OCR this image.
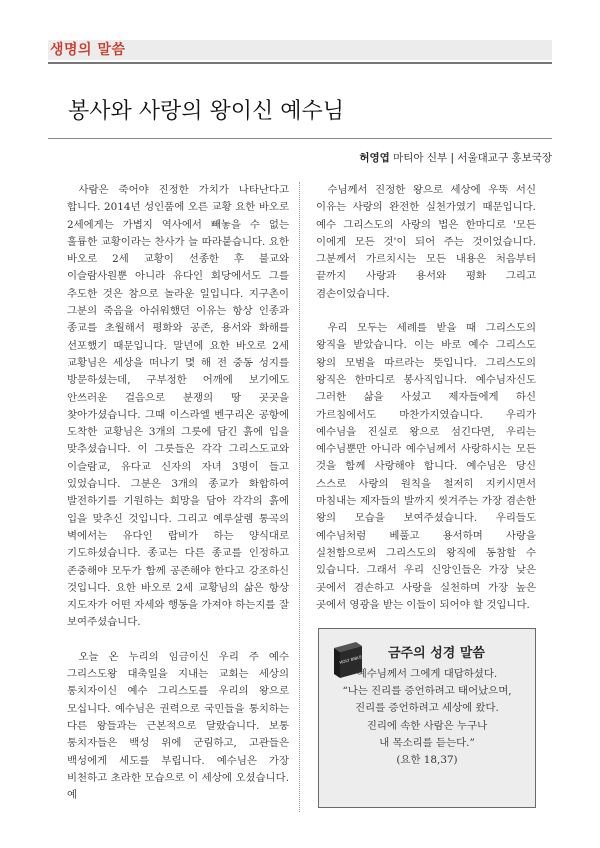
생명의 말씀
봉사와 사랑의 왕이신 예수님
허영엽 마티아 신부 | 서울대교구 홍보국장

사람은 죽어야 진정한 가치가 나타난다고 합니다. 2014년 성인품에 오른 교황 요한 바오로 2세에게는 가볍지 역사에서 빼놓을 수 없는 훌륭한 교황이라는 찬사가 늘 따라붙습니다. 요한 바오로 2세 교황이 선종한 후 불교와 이슬람사원뿐 아니라 유다인 회당에서도 그를 추도한 것은 참으로 놀라운 일입니다. 지구촌이 그분의 죽음을 아쉬워했던 이유는 항상 인종과 종교를 초월해서 평화와 공존, 용서와 화해를 선포했기 때문입니다. 말년에 요한 바오로 2세 교황님은 세상을 떠나기 몇 해 전 중동 성지를 방문하셨는데, 구부정한 어깨에 보기에도 안쓰러운 걸음으로 분쟁의 땅 곳곳을 찾아가셨습니다. 그때 이스라엘 벤구리온 공항에 도착한 교황님은 3개의 그릇에 담긴 흙에 입을 맞추셨습니다. 이 그릇들은 각각 그리스도교와 이슬람교, 유다교 신자의 자녀 3명이 들고 있었습니다. 그분은 3개의 종교가 화합하여 발전하기를 기원하는 희망을 담아 각각의 흙에 입을 맞추신 것입니다. 그리고 예루살렘 통곡의 벽에서는 유다인 랍비가 하는 양식대로 기도하셨습니다. 종교는 다른 종교를 인정하고 존중해야 모두가 함께 공존해야 한다고 강조하신 것입니다. 요한 바오로 2세 교황님의 삶은 항상 지도자가 어떤 자세와 행동을 가져야 하는지를 잘 보여주셨습니다.

오늘 온 누리의 임금이신 우리 주 예수 그리스도왕 대축일을 지내는 교회는 세상의 통치자이신 예수 그리스도를 우리의 왕으로 모십니다. 예수님은 권력으로 국민들을 통치하는 다른 왕들과는 근본적으로 달랐습니다. 보통 통치자들은 백성 위에 군림하고, 고관들은 백성에게 세도를 부립니다. 예수님은 가장 비천하고 초라한 모습으로 이 세상에 오셨습니다. 예

수님께서 진정한 왕으로 세상에 우뚝 서신 이유는 사랑의 완전한 실천가였기 때문입니다. 예수 그리스도의 사랑의 법은 한마디로 '모든 이에게 모든 것'이 되어 주는 것이었습니다. 그분께서 가르치시는 모든 내용은 처음부터 끝까지 사랑과 용서와 평화 그리고 겸손이었습니다.

우리 모두는 세례를 받을 때 그리스도의 왕직을 받았습니다. 이는 바로 예수 그리스도 왕의 모범을 따르라는 뜻입니다. 그리스도의 왕직은 한마디로 봉사직입니다. 예수님자신도 그러한 삶을 사셨고 제자들에게 하신 가르침에서도 마찬가지였습니다. 우리가 예수님을 진실로 왕으로 섬긴다면, 우리는 예수님뿐만 아니라 예수님께서 사랑하시는 모든 것을 함께 사랑해야 합니다. 예수님은 당신 스스로 사랑의 원칙을 철저히 지키시면서 마침내는 제자들의 발까지 씻겨주는 가장 겸손한 왕의 모습을 보여주셨습니다. 우리들도 예수님처럼 베풀고 용서하며 사랑을 실천함으로써 그리스도의 왕직에 동참할 수 있습니다. 그래서 우리 신앙인들은 가장 낮은 곳에서 겸손하고 사랑을 실천하며 가장 높은 곳에서 영광을 받는 이들이 되어야 할 것입니다.

HOLY BIBLE 금주의 성경 말씀
예수님께서 그에게 대답하셨다.
“나는 진리를 증언하려고 태어났으며,
진리를 증언하려고 세상에 왔다.
진리에 속한 사람은 누구나
내 목소리를 듣는다.”
(요한 18,37)
